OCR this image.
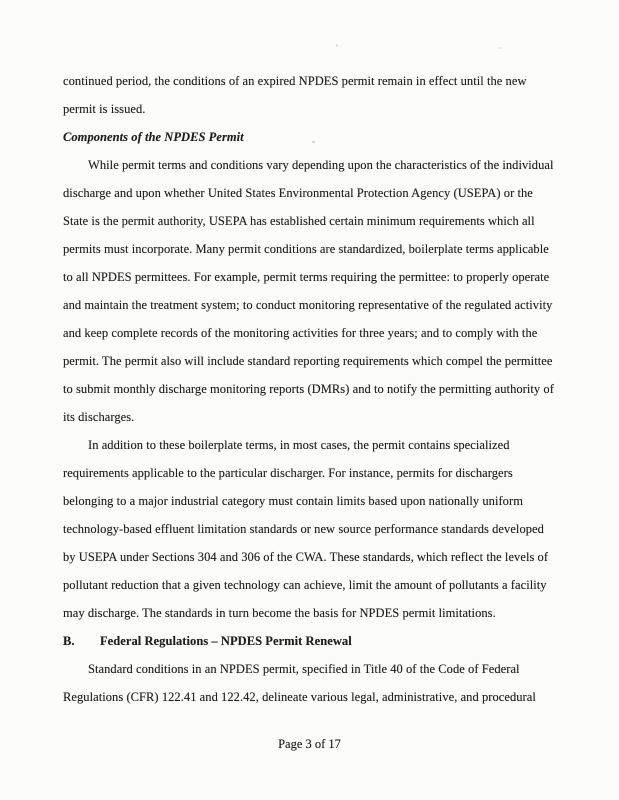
continued period, the conditions of an expired NPDES permit remain in effect until the new
permit is issued.
Components of the NPDES Permit
While permit terms and conditions vary depending upon the characteristics of the individual
discharge and upon whether United States Environmental Protection Agency (USEPA) or the
State is the permit authority, USEPA has established certain minimum requirements which all
permits must incorporate. Many permit conditions are standardized, boilerplate terms applicable
to all NPDES permittees. For example, permit terms requiring the permittee: to properly operate
and maintain the treatment system; to conduct monitoring representative of the regulated activity
and keep complete records of the monitoring activities for three years; and to comply with the
permit. The permit also will include standard reporting requirements which compel the permittee
to submit monthly discharge monitoring reports (DMRs) and to notify the permitting authority of
its discharges.
In addition to these boilerplate terms, in most cases, the permit contains specialized
requirements applicable to the particular discharger. For instance, permits for dischargers
belonging to a major industrial category must contain limits based upon nationally uniform
technology-based effluent limitation standards or new source performance standards developed
by USEPA under Sections 304 and 306 of the CWA. These standards, which reflect the levels of
pollutant reduction that a given technology can achieve, limit the amount of pollutants a facility
may discharge. The standards in turn become the basis for NPDES permit limitations.
B.	Federal Regulations – NPDES Permit Renewal
Standard conditions in an NPDES permit, specified in Title 40 of the Code of Federal
Regulations (CFR) 122.41 and 122.42, delineate various legal, administrative, and procedural
Page 3 of 17
